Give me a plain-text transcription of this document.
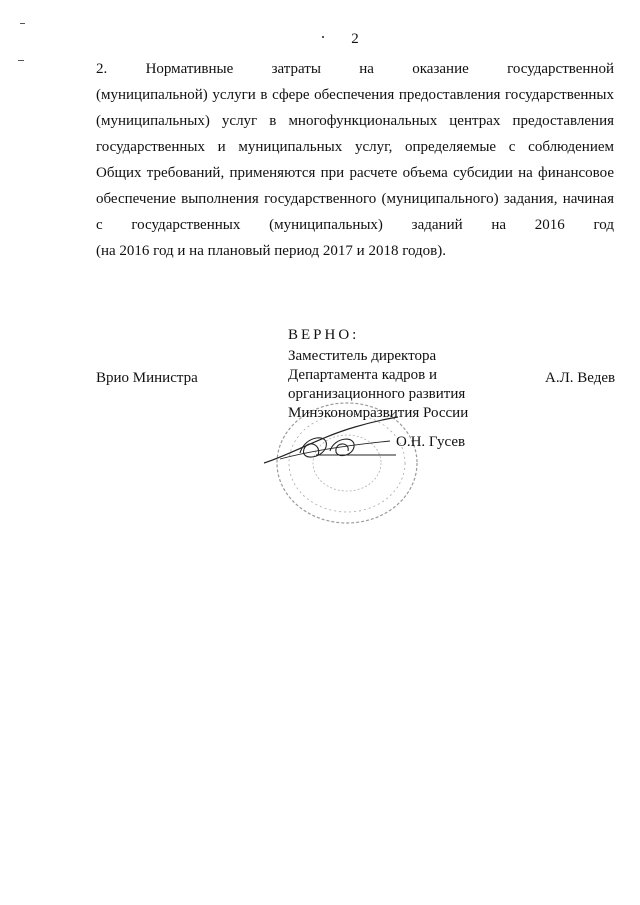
2
2. Нормативные затраты на оказание государственной
(муниципальной) услуги в сфере обеспечения предоставления государственных
(муниципальных) услуг в многофункциональных центрах предоставления
государственных и муниципальных услуг, определяемые с соблюдением
Общих требований, применяются при расчете объема субсидии на финансовое
обеспечение выполнения государственного (муниципального) задания, начиная
с государственных (муниципальных) заданий на 2016 год
(на 2016 год и на плановый период 2017 и 2018 годов).
ВЕРНО:
Заместитель директора
Департамента кадров и
организационного развития
Минэкономразвития России
Врио Министра	А.Л. Ведев
О.Н. Гусев
